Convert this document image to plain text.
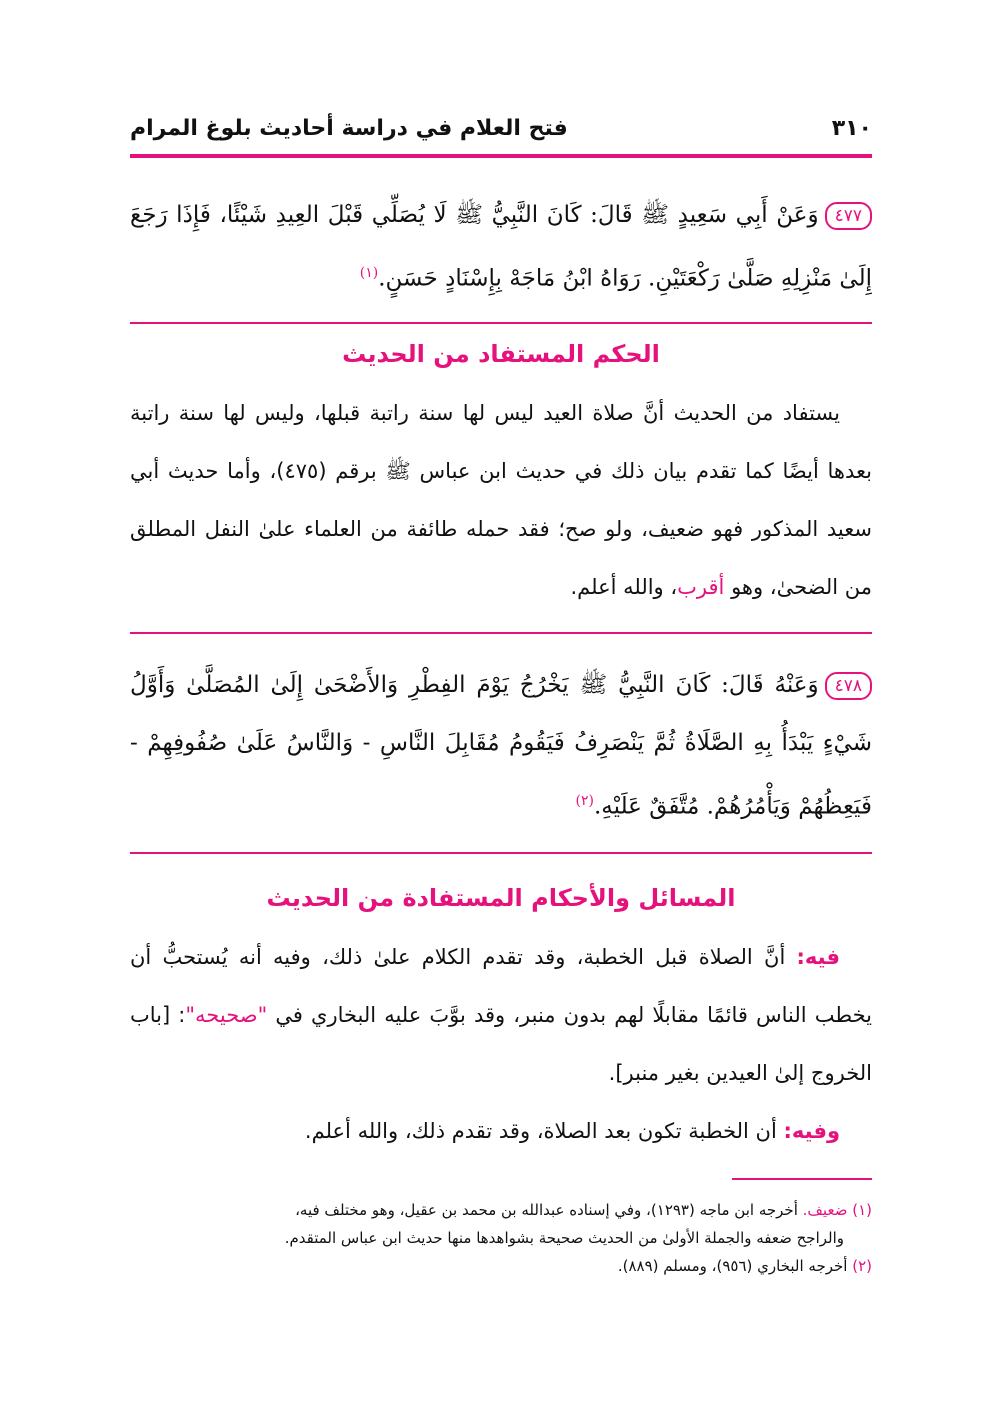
فتح العلام في دراسة أحاديث بلوغ المرام	٣١٠
٤٧٧وَعَنْ أَبِي سَعِيدٍ ﷺ قَالَ: كَانَ النَّبِيُّ ﷺ لَا يُصَلِّي قَبْلَ العِيدِ شَيْئًا، فَإِذَا رَجَعَ إِلَىٰ مَنْزِلِهِ صَلَّىٰ رَكْعَتَيْنِ. رَوَاهُ ابْنُ مَاجَهْ بِإِسْنَادٍ حَسَنٍ.$^{(١)}$
الحكم المستفاد من الحديث

يستفاد من الحديث أنَّ صلاة العيد ليس لها سنة راتبة قبلها، وليس لها سنة راتبة بعدها أيضًا كما تقدم بيان ذلك في حديث ابن عباس ﷺ برقم (٤٧٥)، وأما حديث أبي سعيد المذكور فهو ضعيف، ولو صح؛ فقد حمله طائفة من العلماء علىٰ النفل المطلق من الضحىٰ، وهو أقرب، والله أعلم.

٤٧٨وَعَنْهُ قَالَ: كَانَ النَّبِيُّ ﷺ يَخْرُجُ يَوْمَ الفِطْرِ وَالأَضْحَىٰ إِلَىٰ المُصَلَّىٰ وَأَوَّلُ شَيْءٍ يَبْدَأُ بِهِ الصَّلَاةُ ثُمَّ يَنْصَرِفُ فَيَقُومُ مُقَابِلَ النَّاسِ - وَالنَّاسُ عَلَىٰ صُفُوفِهِمْ - فَيَعِظُهُمْ وَيَأْمُرُهُمْ. مُتَّفَقٌ عَلَيْهِ.$^{(٢)}$
المسائل والأحكام المستفادة من الحديث

فيه: أنَّ الصلاة قبل الخطبة، وقد تقدم الكلام علىٰ ذلك، وفيه أنه يُستحبُّ أن يخطب الناس قائمًا مقابلًا لهم بدون منبر، وقد بوَّبَ عليه البخاري في "صحيحه": [باب الخروج إلىٰ العيدين بغير منبر].

وفيه: أن الخطبة تكون بعد الصلاة، وقد تقدم ذلك، والله أعلم.

(١) ضعيف. أخرجه ابن ماجه (١٢٩٣)، وفي إسناده عبدالله بن محمد بن عقيل، وهو مختلف فيه،

والراجح ضعفه والجملة الأولىٰ من الحديث صحيحة بشواهدها منها حديث ابن عباس المتقدم.

(٢) أخرجه البخاري (٩٥٦)، ومسلم (٨٨٩).
